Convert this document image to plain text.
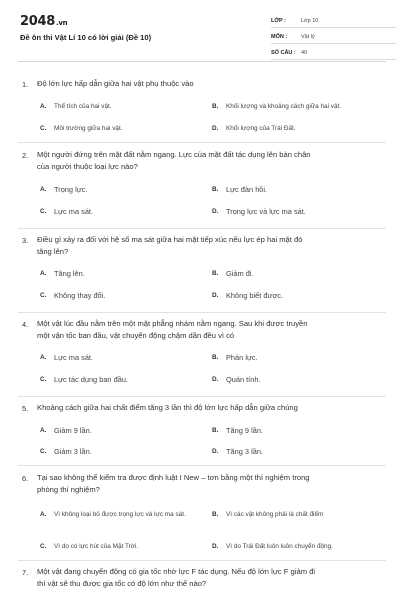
2048.vn
Đề ôn thi Vật Lí 10 có lời giải (Đề 10)
LỚP :	Lớp 10
MÔN :	Vật lý
SỐ CÂU : 40
1. Độ lớn lực hấp dẫn giữa hai vật phụ thuộc vào
A.	Thể tích của hai vật.	B.	Khối lượng và khoảng cách giữa hai vật.
C.	Môi trường giữa hai vật.	D.	Khối lượng của Trái Đất.
2. Một người đứng trên mặt đất nằm ngang. Lực của mặt đất tác dụng lên bàn chân
của người thuộc loại lực nào?
A.	Trọng lực.	B.	Lực đàn hồi.
C.	Lực ma sát.	D.	Trọng lực và lực ma sát.
3. Điều gì xảy ra đối với hệ số ma sát giữa hai mặt tiếp xúc nếu lực ép hai mặt đó
tăng lên?
A.	Tăng lên.	B.	Giảm đi.
C.	Không thay đổi.	D.	Không biết được.
4. Một vật lúc đầu nằm trên một mặt phẳng nhám nằm ngang. Sau khi được truyền
một vận tốc ban đầu, vật chuyển động chậm dần đều vì có
A.	Lực ma sát.	B.	Phản lực.
C.	Lực tác dụng ban đầu.	D.	Quán tính.
5. Khoảng cách giữa hai chất điểm tăng 3 lần thì độ lớn lực hấp dẫn giữa chúng
A.	Giảm 9 lần.	B.	Tăng 9 lần.
C.	Giảm 3 lần.	D.	Tăng 3 lần.
6. Tại sao không thể kiểm tra được định luật I New – tơn bằng một thí nghiệm trong
phòng thí nghiệm?
A.	Vì không loại bỏ được trọng lực và lực ma sát.	B.	Vì các vật không phải là chất điểm
C.	Vì do có lực hút của Mặt Trời.	D.	Vì do Trái Đất luôn luôn chuyển động.
7. Một vật đang chuyển động có gia tốc nhờ lực F tác dụng. Nếu độ lớn lực F giảm đi
thì vật sẽ thu được gia tốc có độ lớn như thế nào?
